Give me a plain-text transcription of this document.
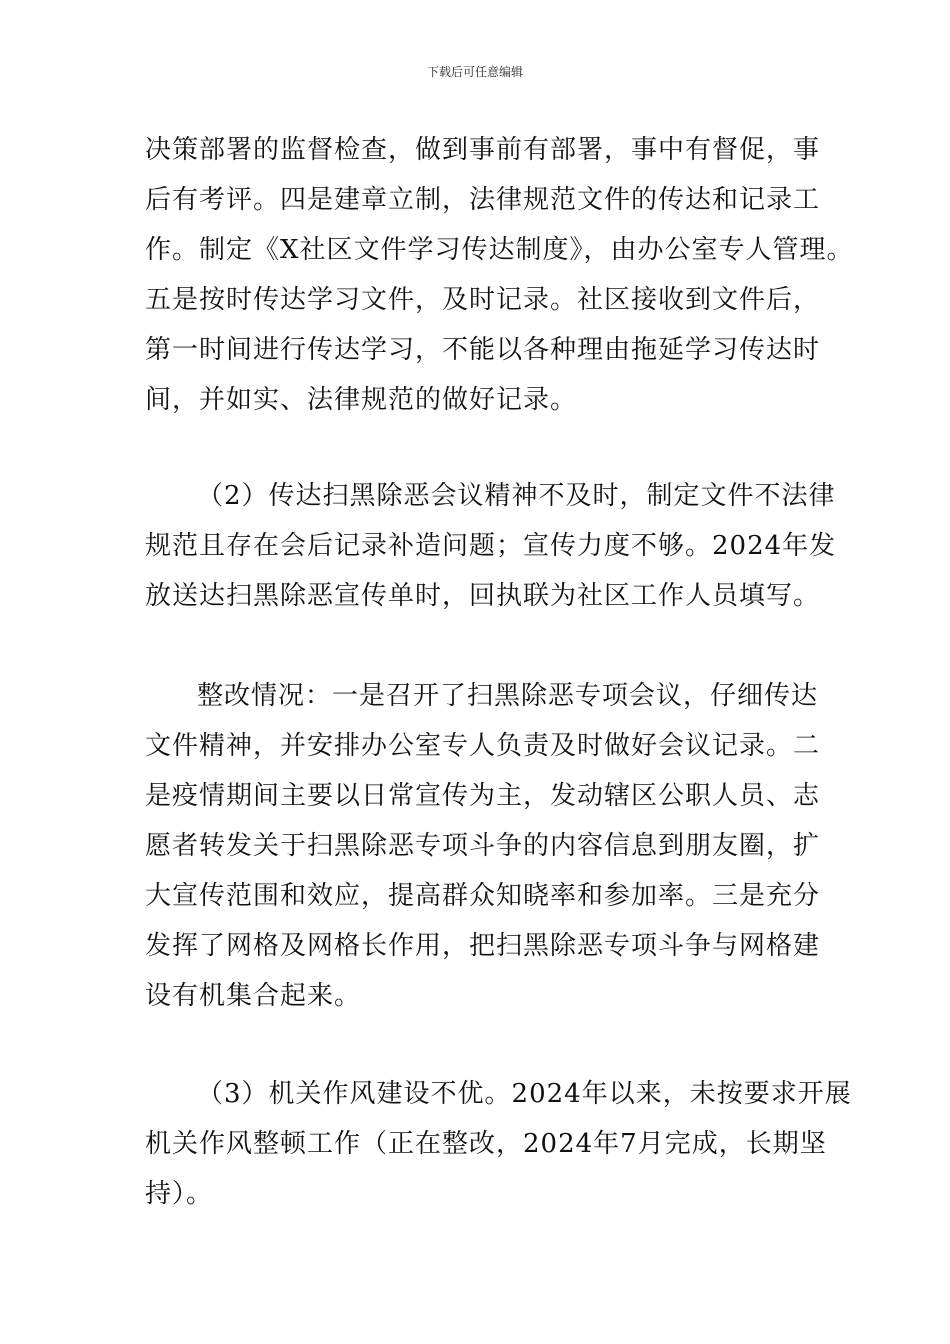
下载后可任意编辑
决策部署的监督检查，做到事前有部署，事中有督促，事
后有考评。四是建章立制，法律规范文件的传达和记录工
作。制定《X社区文件学习传达制度》，由办公室专人管理。
五是按时传达学习文件，及时记录。社区接收到文件后，
第一时间进行传达学习，不能以各种理由拖延学习传达时
间，并如实、法律规范的做好记录。
（2）传达扫黑除恶会议精神不及时，制定文件不法律
规范且存在会后记录补造问题；宣传力度不够。2024年发
放送达扫黑除恶宣传单时，回执联为社区工作人员填写。
整改情况：一是召开了扫黑除恶专项会议，仔细传达
文件精神，并安排办公室专人负责及时做好会议记录。二
是疫情期间主要以日常宣传为主，发动辖区公职人员、志
愿者转发关于扫黑除恶专项斗争的内容信息到朋友圈，扩
大宣传范围和效应，提高群众知晓率和参加率。三是充分
发挥了网格及网格长作用，把扫黑除恶专项斗争与网格建
设有机集合起来。
（3）机关作风建设不优。2024年以来，未按要求开展
机关作风整顿工作（正在整改，2024年7月完成，长期坚
持）。
